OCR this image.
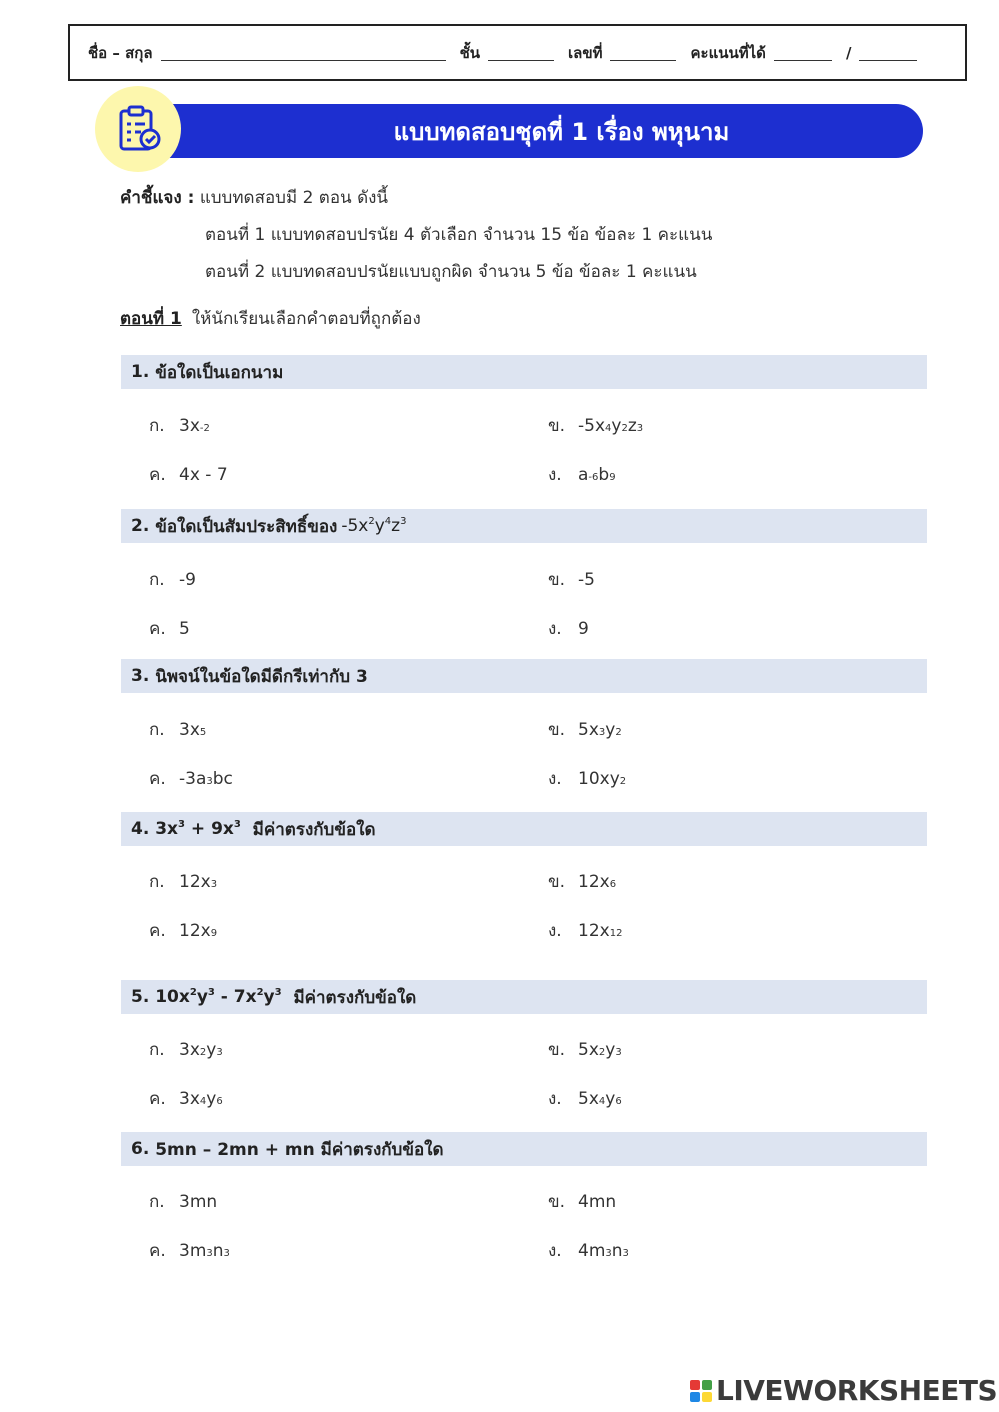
ชื่อ – สกุล	ชั้น	เลขที่	คะแนนที่ได้	/
แบบทดสอบชุดที่ 1 เรื่อง พหุนาม
คำชี้แจง : แบบทดสอบมี 2 ตอน ดังนี้
ตอนที่ 1 แบบทดสอบปรนัย 4 ตัวเลือก จำนวน 15 ข้อ ข้อละ 1 คะแนน
ตอนที่ 2 แบบทดสอบปรนัยแบบถูกผิด จำนวน 5 ข้อ ข้อละ 1 คะแนน
ตอนที่ 1 ให้นักเรียนเลือกคำตอบที่ถูกต้อง
1.
ข้อใดเป็นเอกนาม
ก. 3x -2	ข. -5x 4 y 2 z 3
ค. 4x - 7	ง. a -6 b 9
2.
ข้อใดเป็นสัมประสิทธิ์ของ $-5x^2y^4z^3$
ก. -9	ข. -5
ค. 5	ง. 9
3.
นิพจน์ในข้อใดมีดีกรีเท่ากับ 3
ก. 3x 5	ข. 5x 3 y 2
ค. -3a 3 bc	ง. 10xy 2
4.
$3x^3 + 9x^3$
มีค่าตรงกับข้อใด
ก. 12x 3	ข. 12x 6
ค. 12x 9	ง. 12x 12
5.
$10x^2y^3 - 7x^2y^3$
มีค่าตรงกับข้อใด
ก. 3x 2 y 3	ข. 5x 2 y 3
ค. 3x 4 y 6	ง. 5x 4 y 6
6.
5mn – 2mn + mn มีค่าตรงกับข้อใด
ก. 3mn	ข. 4mn
ค. 3m 3 n 3	ง. 4m 3 n 3
LIVEWORKSHEETS
